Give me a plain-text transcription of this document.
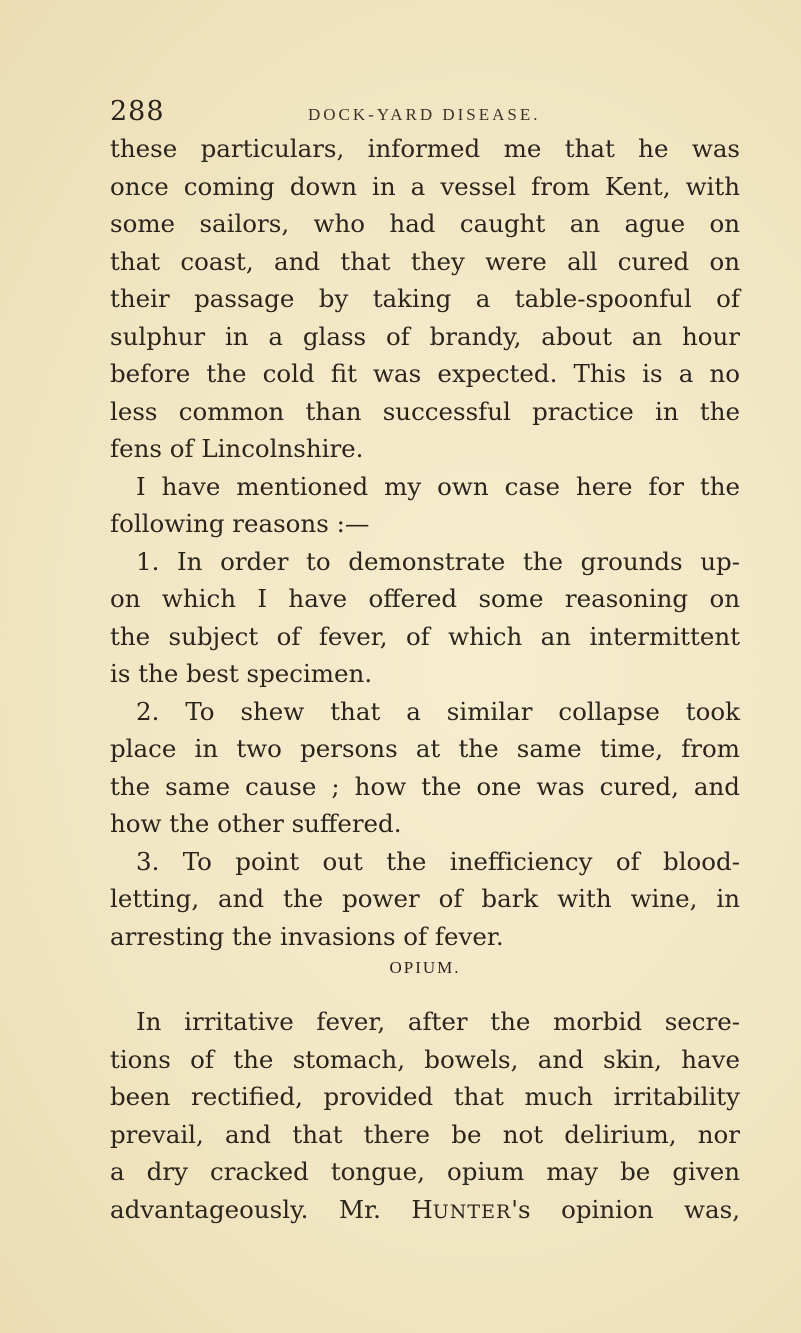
288	DOCK-YARD DISEASE.
these particulars, informed me that he was
once coming down in a vessel from Kent, with
some sailors, who had caught an ague on
that coast, and that they were all cured on
their passage by taking a table-spoonful of
sulphur in a glass of brandy, about an hour
before the cold fit was expected. This is a no
less common than successful practice in the
fens of Lincolnshire.
I have mentioned my own case here for the
following reasons :—
1. In order to demonstrate the grounds up-
on which I have offered some reasoning on
the subject of fever, of which an intermittent
is the best specimen.
2. To shew that a similar collapse took
place in two persons at the same time, from
the same cause ; how the one was cured, and
how the other suffered.
3. To point out the inefficiency of blood-
letting, and the power of bark with wine, in
arresting the invasions of fever.
OPIUM.
In irritative fever, after the morbid secre-
tions of the stomach, bowels, and skin, have
been rectified, provided that much irritability
prevail, and that there be not delirium, nor
a dry cracked tongue, opium may be given
advantageously. Mr. HUNTER's opinion was,
